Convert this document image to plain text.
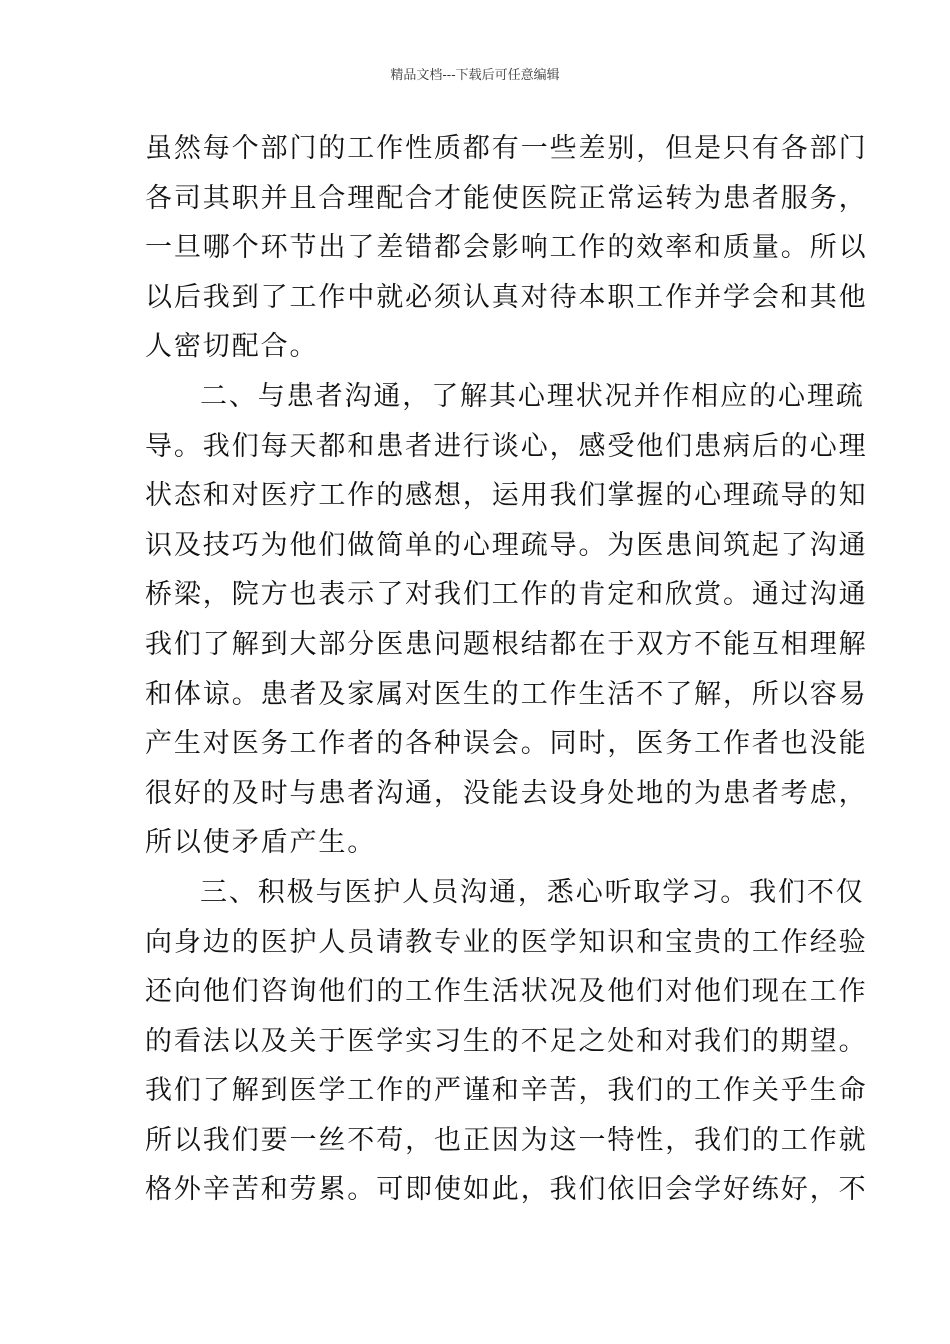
精品文档---下载后可任意编辑
虽然每个部门的工作性质都有一些差别，但是只有各部门
各司其职并且合理配合才能使医院正常运转为患者服务，
一旦哪个环节出了差错都会影响工作的效率和质量。所以
以后我到了工作中就必须认真对待本职工作并学会和其他
人密切配合。
二、与患者沟通，了解其心理状况并作相应的心理疏
导。我们每天都和患者进行谈心，感受他们患病后的心理
状态和对医疗工作的感想，运用我们掌握的心理疏导的知
识及技巧为他们做简单的心理疏导。为医患间筑起了沟通
桥梁，院方也表示了对我们工作的肯定和欣赏。通过沟通
我们了解到大部分医患问题根结都在于双方不能互相理解
和体谅。患者及家属对医生的工作生活不了解，所以容易
产生对医务工作者的各种误会。同时，医务工作者也没能
很好的及时与患者沟通，没能去设身处地的为患者考虑，
所以使矛盾产生。
三、积极与医护人员沟通，悉心听取学习。我们不仅
向身边的医护人员请教专业的医学知识和宝贵的工作经验
还向他们咨询他们的工作生活状况及他们对他们现在工作
的看法以及关于医学实习生的不足之处和对我们的期望。
我们了解到医学工作的严谨和辛苦，我们的工作关乎生命
所以我们要一丝不苟，也正因为这一特性，我们的工作就
格外辛苦和劳累。可即使如此，我们依旧会学好练好，不
